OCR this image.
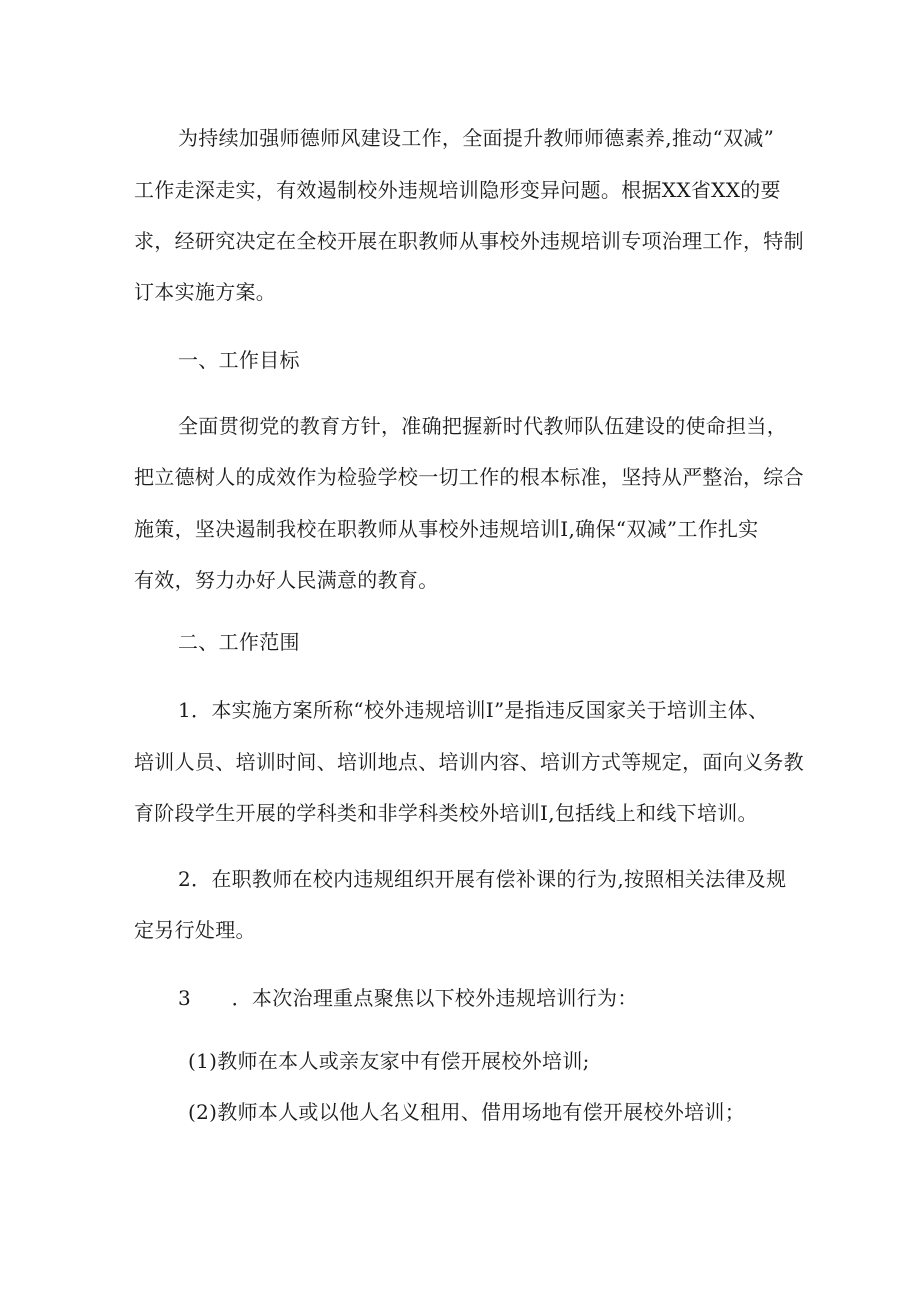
为持续加强师德师风建设工作，全面提升教师师德素养,推动“双减”
工作走深走实，有效遏制校外违规培训隐形变异问题。根据XX省XX的要
求，经研究决定在全校开展在职教师从事校外违规培训专项治理工作，特制
订本实施方案。
一、工作目标
全面贯彻党的教育方针，准确把握新时代教师队伍建设的使命担当，
把立德树人的成效作为检验学校一切工作的根本标准，坚持从严整治，综合
施策，坚决遏制我校在职教师从事校外违规培训I,确保“双减”工作扎实
有效，努力办好人民满意的教育。
二、工作范围
1．本实施方案所称“校外违规培训I”是指违反国家关于培训主体、
培训人员、培训时间、培训地点、培训内容、培训方式等规定，面向义务教
育阶段学生开展的学科类和非学科类校外培训I,包括线上和线下培训。
2．在职教师在校内违规组织开展有偿补课的行为,按照相关法律及规
定另行处理。
3　　．本次治理重点聚焦以下校外违规培训行为：
(1)教师在本人或亲友家中有偿开展校外培训;
(2)教师本人或以他人名义租用、借用场地有偿开展校外培训；
